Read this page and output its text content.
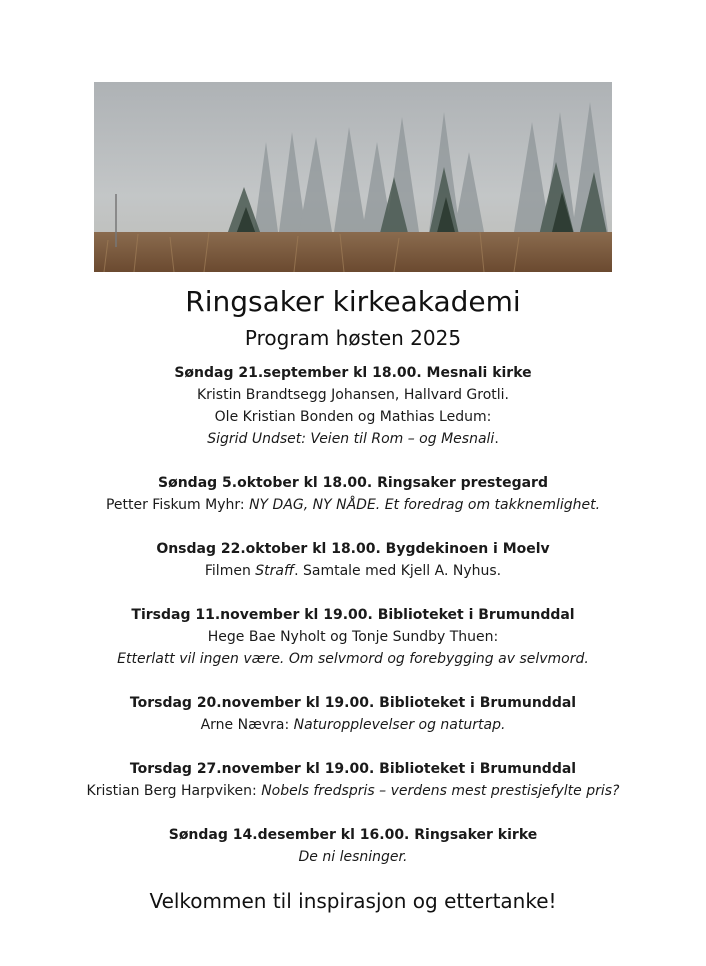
Ringsaker kirkeakademi
Program høsten 2025
Søndag 21.september kl 18.00. Mesnali kirke
Kristin Brandtsegg Johansen, Hallvard Grotli.
Ole Kristian Bonden og Mathias Ledum:
Sigrid Undset: Veien til Rom – og Mesnali.
Søndag 5.oktober kl 18.00. Ringsaker prestegard
Petter Fiskum Myhr: NY DAG, NY NÅDE. Et foredrag om takknemlighet.
Onsdag 22.oktober kl 18.00. Bygdekinoen i Moelv
Filmen Straff. Samtale med Kjell A. Nyhus.
Tirsdag 11.november kl 19.00. Biblioteket i Brumunddal
Hege Bae Nyholt og Tonje Sundby Thuen:
Etterlatt vil ingen være. Om selvmord og forebygging av selvmord.
Torsdag 20.november kl 19.00. Biblioteket i Brumunddal
Arne Nævra: Naturopplevelser og naturtap.
Torsdag 27.november kl 19.00. Biblioteket i Brumunddal
Kristian Berg Harpviken: Nobels fredspris – verdens mest prestisjefylte pris?
Søndag 14.desember kl 16.00. Ringsaker kirke
De ni lesninger.
Velkommen til inspirasjon og ettertanke!
